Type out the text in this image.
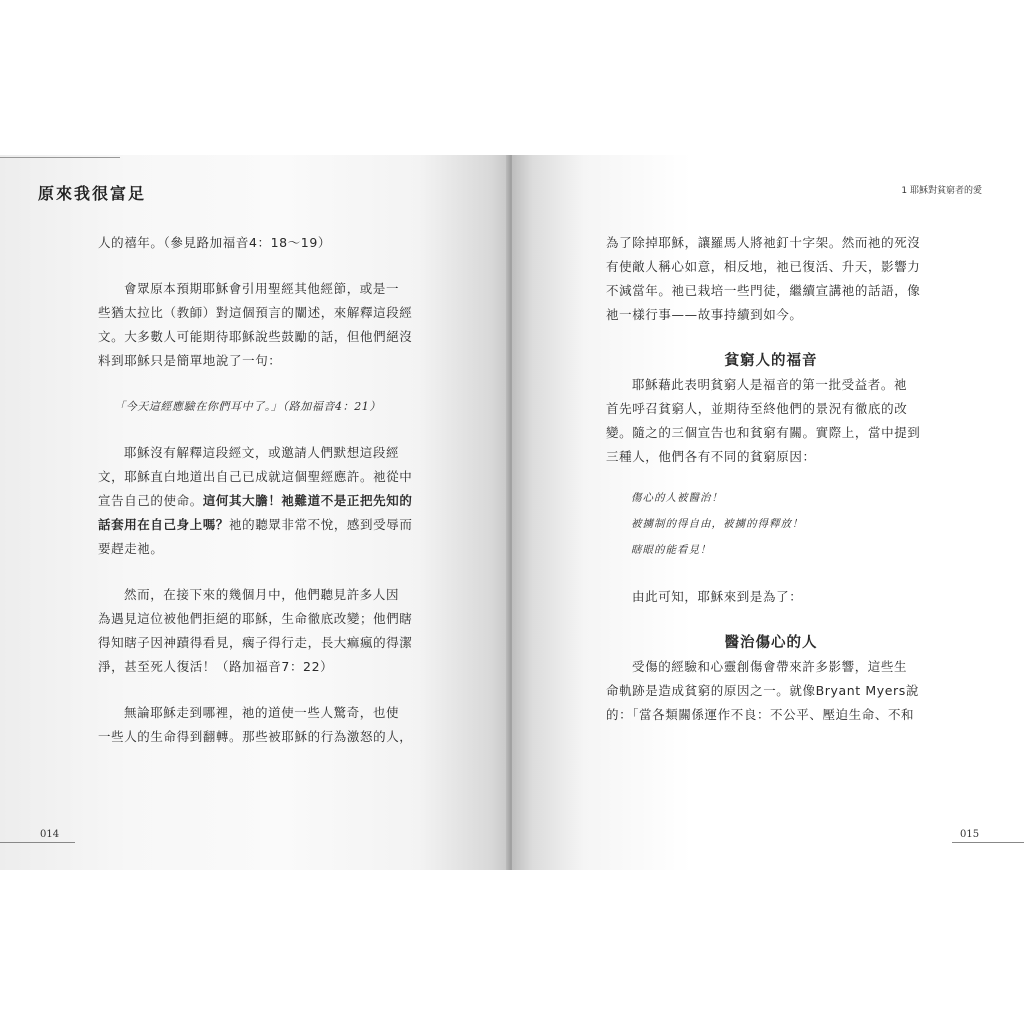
原來我很富足

人的禧年。（參見路加福音4：18～19）

會眾原本預期耶穌會引用聖經其他經節，或是一

些猶太拉比（教師）對這個預言的闡述，來解釋這段經

文。大多數人可能期待耶穌說些鼓勵的話，但他們絕沒

料到耶穌只是簡單地說了一句：

「今天這經應驗在你們耳中了。」（路加福音4：21）

耶穌沒有解釋這段經文，或邀請人們默想這段經

文，耶穌直白地道出自己已成就這個聖經應許。祂從中

宣告自己的使命。這何其大膽！祂難道不是正把先知的

話套用在自己身上嗎？祂的聽眾非常不悅，感到受辱而

要趕走祂。

然而，在接下來的幾個月中，他們聽見許多人因

為遇見這位被他們拒絕的耶穌，生命徹底改變；他們瞎

得知瞎子因神蹟得看見，瘸子得行走，長大痲瘋的得潔

淨，甚至死人復活！（路加福音7：22）

無論耶穌走到哪裡，祂的道使一些人驚奇，也使

一些人的生命得到翻轉。那些被耶穌的行為激怒的人，

014
1 耶穌對貧窮者的愛

為了除掉耶穌，讓羅馬人將祂釘十字架。然而祂的死沒

有使敵人稱心如意，相反地，祂已復活、升天，影響力

不減當年。祂已栽培一些門徒，繼續宣講祂的話語，像

祂一樣行事——故事持續到如今。

貧窮人的福音

耶穌藉此表明貧窮人是福音的第一批受益者。祂

首先呼召貧窮人，並期待至終他們的景況有徹底的改

變。隨之的三個宣告也和貧窮有關。實際上，當中提到

三種人，他們各有不同的貧窮原因：

傷心的人被醫治！

被擄制的得自由，被擄的得釋放！

瞎眼的能看見！

由此可知，耶穌來到是為了：

醫治傷心的人

受傷的經驗和心靈創傷會帶來許多影響，這些生

命軌跡是造成貧窮的原因之一。就像Bryant Myers說

的：「當各類關係運作不良：不公平、壓迫生命、不和

015
